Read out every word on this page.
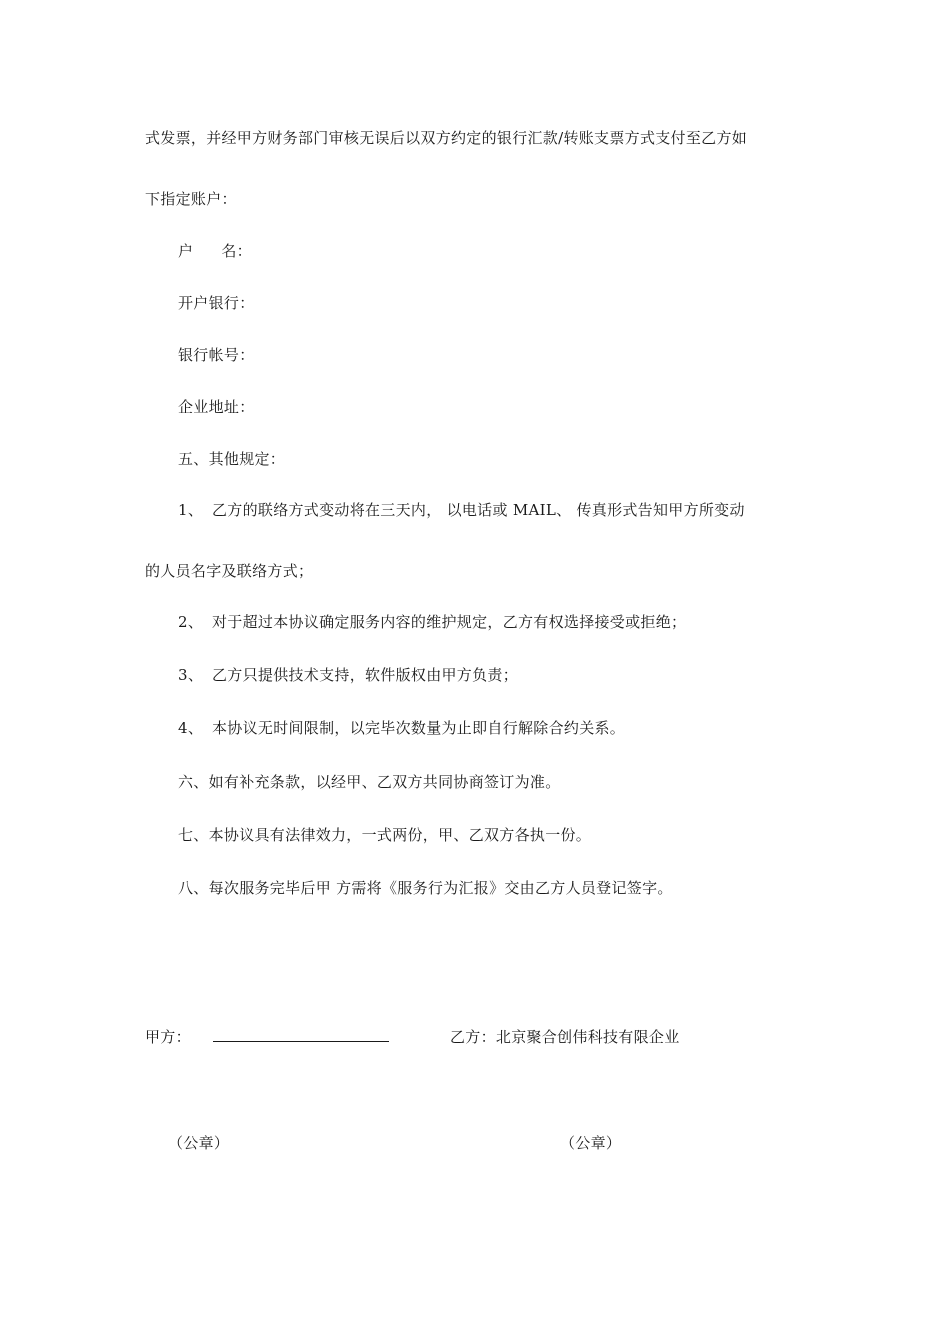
式发票，并经甲方财务部门审核无误后以双方约定的银行汇款/转账支票方式支付至乙方如
下指定账户：
户 名：
开户银行：
银行帐号：
企业地址：
五、其他规定：
1、 乙方的联络方式变动将在三天内， 以电话或 MAIL、 传真形式告知甲方所变动
的人员名字及联络方式；
2、 对于超过本协议确定服务内容的维护规定，乙方有权选择接受或拒绝；
3、 乙方只提供技术支持，软件版权由甲方负责；
4、 本协议无时间限制，以完毕次数量为止即自行解除合约关系。
六、如有补充条款，以经甲、乙双方共同协商签订为准。
七、本协议具有法律效力，一式两份，甲、乙双方各执一份。
八、每次服务完毕后甲 方需将《服务行为汇报》交由乙方人员登记签字。
甲方：	乙方：北京聚合创伟科技有限企业
（公章）	（公章）
